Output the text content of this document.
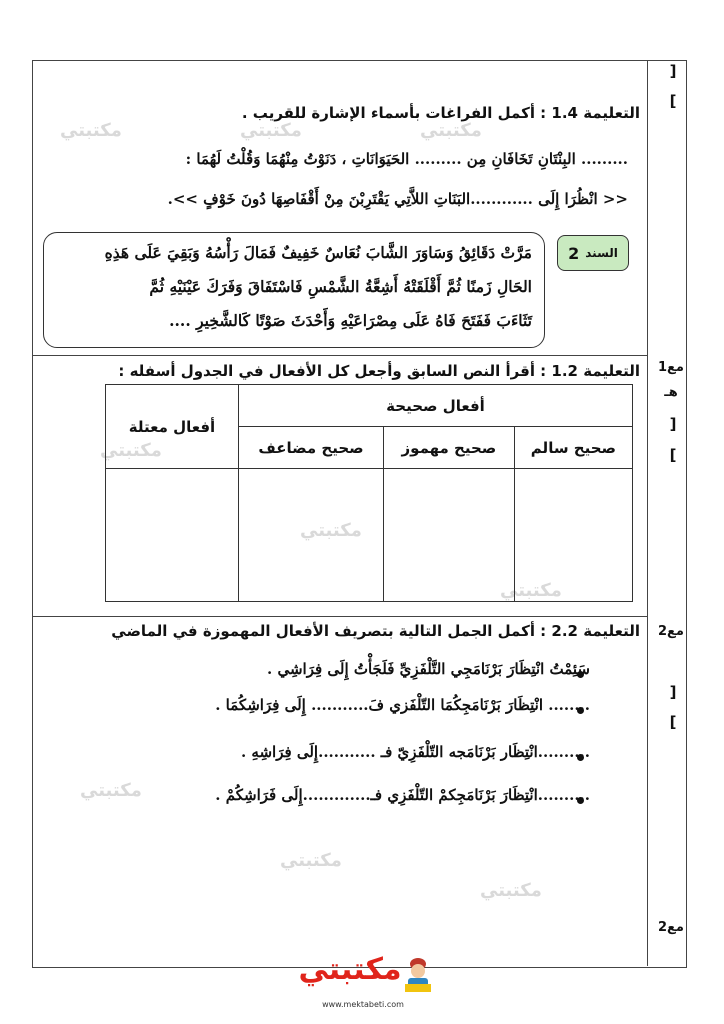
مكتبتي	مكتبتي	مكتبتي
مكتبتي
مكتبتي
مكتبتي
مكتبتي
مكتبتي
مكتبتي
[
]
مع1
هـ
[
]
مع2
[
]
مع2
التعليمة 1.4 : أكمل الفراغات بأسماء الإشارة للقريب .
......... البِنْتَانِ تَخَافَانِ مِن ......... الحَيَوَانَاتِ ، دَنَوْتُ مِنْهُمَا وَقُلْتُ لَهُمَا :
<< انْظُرَا إِلَى ............البَنَاتِ اللاَّتِي يَقْتَرِبْنَ مِنْ أَقْفَاصِهَا دُونَ خَوْفٍ >>.
السند
2
مَرَّتْ دَقَائِقُ وَسَاوَرَ الشَّابَ نُعَاسٌ خَفِيفٌ فَمَالَ رَأْسُهُ وَبَقِيَ عَلَى هَذِهِ
الحَالِ زَمنًا ثُمَّ أَقْلَقَتْهُ أَشِعَّةُ الشَّمْسِ فَاسْتَفَاقَ وَفَرَكَ عَيْنَيْهِ ثُمَّ
تَثَاءَبَ فَفَتَحَ فَاهُ عَلَى مِصْرَاعَيْهِ وَأَحْدَثَ صَوْتًا كَالشَّخِيرِ ....
التعليمة 1.2 : أقرأ النص السابق وأجعل كل الأفعال في الجدول أسفله :
أفعال صحيحة			أفعال معتلة
صحيح سالم	صحيح مهموز	صحيح مضاعف	

التعليمة 2.2 : أكمل الجمل التالية بتصريف الأفعال المهموزة في الماضي
سَئِمْتُ انْتِظَارَ بَرْنَامَجِي التَّلْفَزِيِّ فَلَجَأْتُ إِلَى فِرَاشِي .
........ انْتِظَارَ بَرْنَامَجِكُمَا التّلْفَزي فَ........... إِلَى فِرَاشِكُمَا .
..........انْتِظَار بَرْنَامَجه التّلْفَزِيّ فـ ...........إِلَى فِرَاشِهِ .
..........انْتِظَارَ بَرْنَامَجِكمْ التّلْفَزِي فـ.............إِلَى فَرَاشِكُمْ .
مكتبتي
www.mektabeti.com
